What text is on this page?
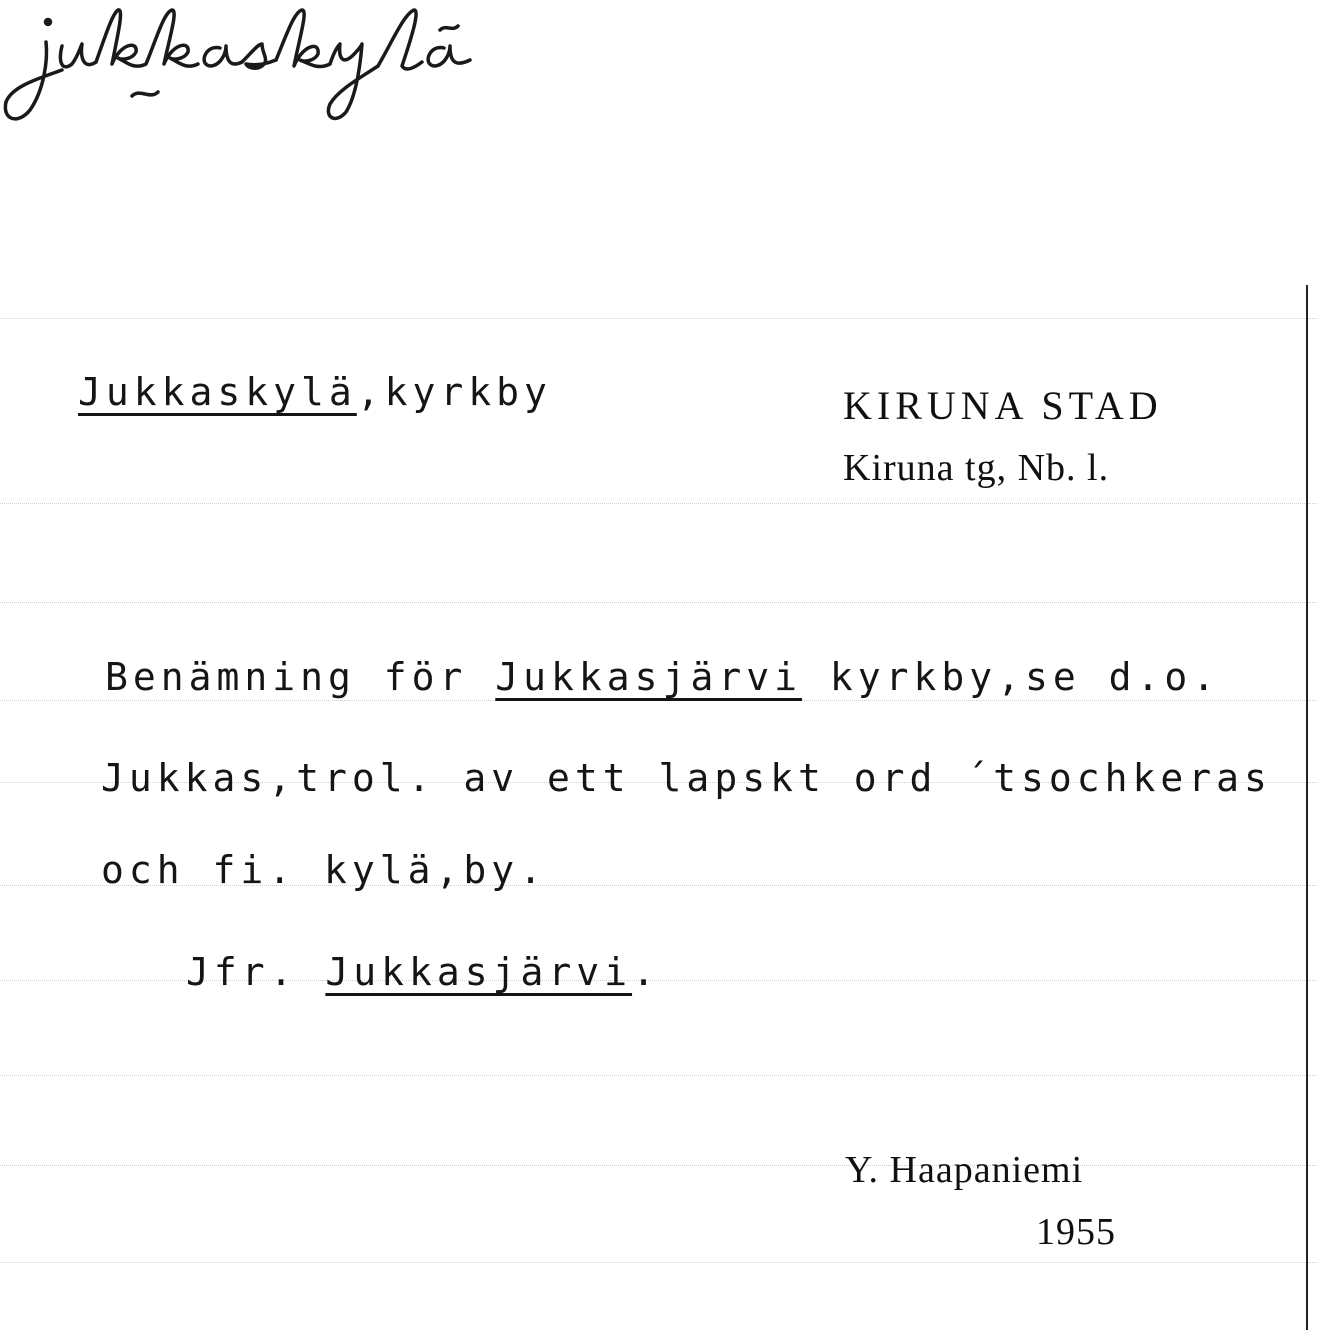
Jukkaskylä,kyrkby	KIRUNA STAD
Kiruna tg, Nb. l.
Benämning för Jukkasjärvi kyrkby,se d.o.
Jukkas,trol. av ett lapskt ord ´tsochkeras
och fi. kylä,by.
Jfr. Jukkasjärvi.
Y. Haapaniemi
1955
